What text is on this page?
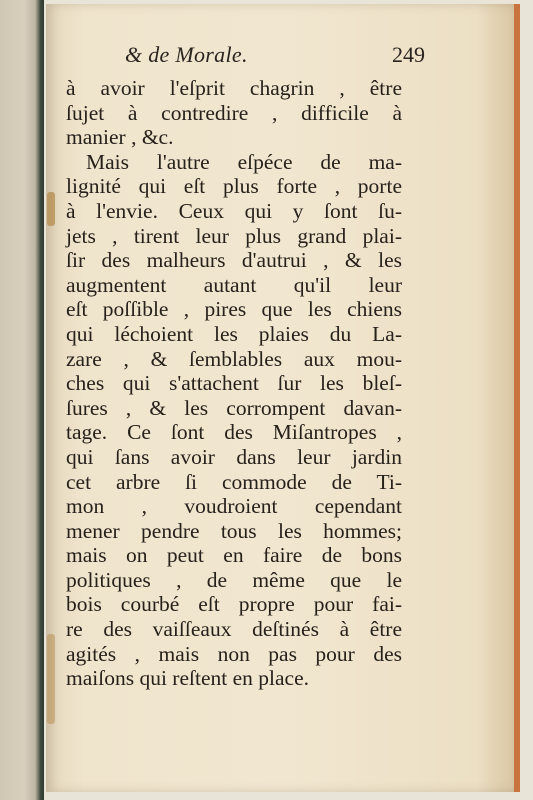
& de Morale.	249
à avoir l'eſprit chagrin , être
ſujet à contredire , difficile à
manier , &c.
Mais l'autre eſpéce de ma-
lignité qui eſt plus forte , porte
à l'envie. Ceux qui y ſont ſu-
jets , tirent leur plus grand plai-
ſir des malheurs d'autrui , & les
augmentent autant qu'il leur
eſt poſſible , pires que les chiens
qui léchoient les plaies du La-
zare , & ſemblables aux mou-
ches qui s'attachent ſur les bleſ-
ſures , & les corrompent davan-
tage. Ce ſont des Miſantropes ,
qui ſans avoir dans leur jardin
cet arbre ſi commode de Ti-
mon , voudroient cependant
mener pendre tous les hommes;
mais on peut en faire de bons
politiques , de même que le
bois courbé eſt propre pour fai-
re des vaiſſeaux deſtinés à être
agités , mais non pas pour des
maiſons qui reſtent en place.
